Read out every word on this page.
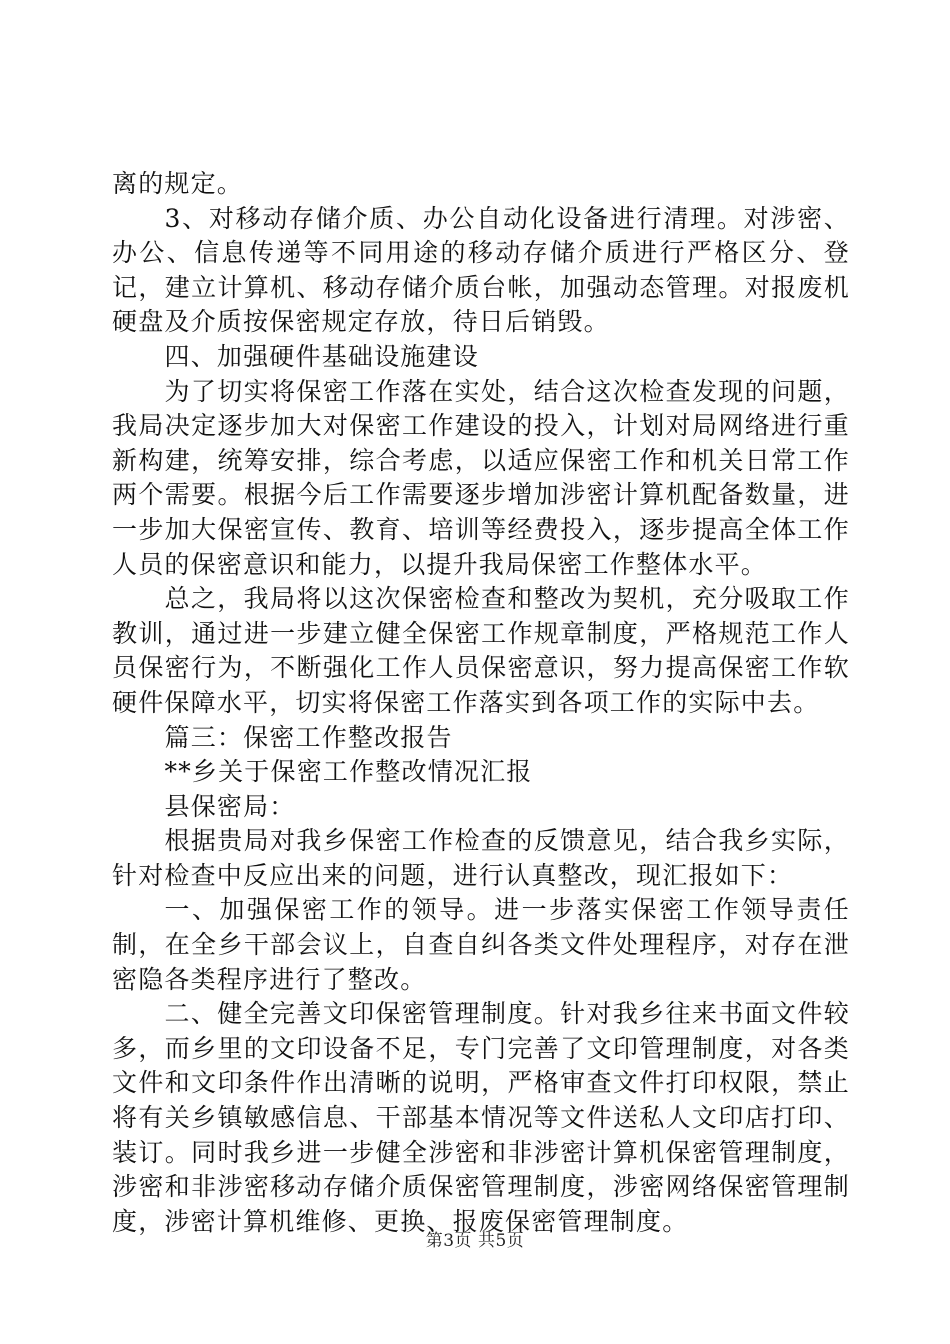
离的规定。

3、对移动存储介质、办公自动化设备进行清理。对涉密、办公、信息传递等不同用途的移动存储介质进行严格区分、登记，建立计算机、移动存储介质台帐，加强动态管理。对报废机硬盘及介质按保密规定存放，待日后销毁。

四、加强硬件基础设施建设

为了切实将保密工作落在实处，结合这次检查发现的问题，我局决定逐步加大对保密工作建设的投入，计划对局网络进行重新构建，统筹安排，综合考虑，以适应保密工作和机关日常工作两个需要。根据今后工作需要逐步增加涉密计算机配备数量，进一步加大保密宣传、教育、培训等经费投入，逐步提高全体工作人员的保密意识和能力，以提升我局保密工作整体水平。

总之，我局将以这次保密检查和整改为契机，充分吸取工作教训，通过进一步建立健全保密工作规章制度，严格规范工作人员保密行为，不断强化工作人员保密意识，努力提高保密工作软硬件保障水平，切实将保密工作落实到各项工作的实际中去。

篇三：保密工作整改报告

**乡关于保密工作整改情况汇报

县保密局：

根据贵局对我乡保密工作检查的反馈意见，结合我乡实际，针对检查中反应出来的问题，进行认真整改，现汇报如下：

一、加强保密工作的领导。进一步落实保密工作领导责任制，在全乡干部会议上，自查自纠各类文件处理程序，对存在泄密隐各类程序进行了整改。

二、健全完善文印保密管理制度。针对我乡往来书面文件较多，而乡里的文印设备不足，专门完善了文印管理制度，对各类文件和文印条件作出清晰的说明，严格审查文件打印权限，禁止将有关乡镇敏感信息、干部基本情况等文件送私人文印店打印、装订。同时我乡进一步健全涉密和非涉密计算机保密管理制度，涉密和非涉密移动存储介质保密管理制度，涉密网络保密管理制度，涉密计算机维修、更换、报废保密管理制度。

第3页 共5页
